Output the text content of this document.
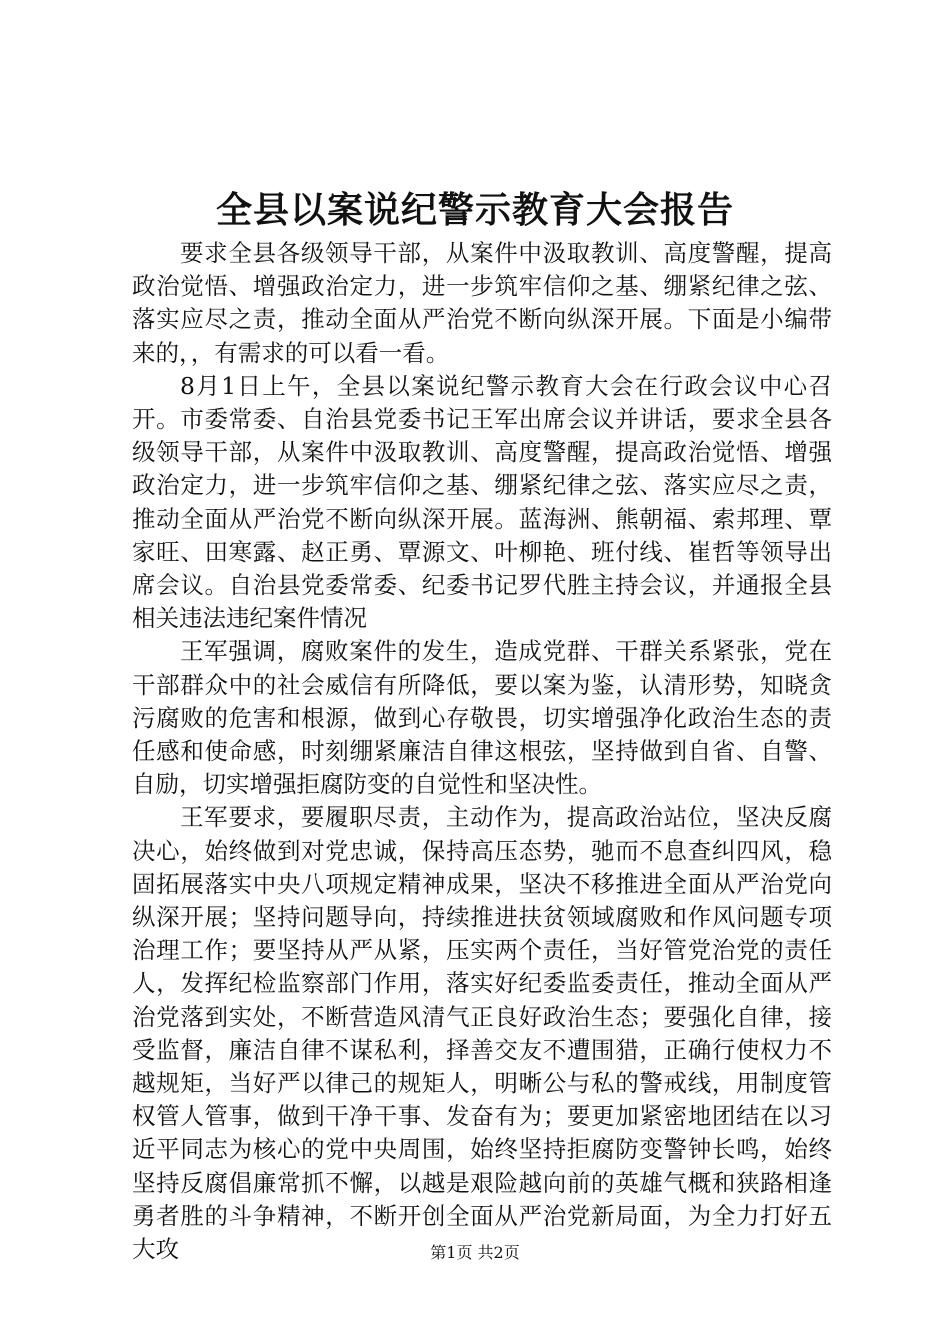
全县以案说纪警示教育大会报告

要求全县各级领导干部，从案件中汲取教训、高度警醒，提高政治觉悟、增强政治定力，进一步筑牢信仰之基、绷紧纪律之弦、落实应尽之责，推动全面从严治党不断向纵深开展。下面是小编带来的，，有需求的可以看一看。

8月1日上午，全县以案说纪警示教育大会在行政会议中心召开。市委常委、自治县党委书记王军出席会议并讲话，要求全县各级领导干部，从案件中汲取教训、高度警醒，提高政治觉悟、增强政治定力，进一步筑牢信仰之基、绷紧纪律之弦、落实应尽之责，推动全面从严治党不断向纵深开展。蓝海洲、熊朝福、索邦理、覃家旺、田寒露、赵正勇、覃源文、叶柳艳、班付线、崔哲等领导出席会议。自治县党委常委、纪委书记罗代胜主持会议，并通报全县相关违法违纪案件情况

王军强调，腐败案件的发生，造成党群、干群关系紧张，党在干部群众中的社会威信有所降低，要以案为鉴，认清形势，知晓贪污腐败的危害和根源，做到心存敬畏，切实增强净化政治生态的责任感和使命感，时刻绷紧廉洁自律这根弦，坚持做到自省、自警、自励，切实增强拒腐防变的自觉性和坚决性。

王军要求，要履职尽责，主动作为，提高政治站位，坚决反腐决心，始终做到对党忠诚，保持高压态势，驰而不息查纠四风，稳固拓展落实中央八项规定精神成果，坚决不移推进全面从严治党向纵深开展；坚持问题导向，持续推进扶贫领域腐败和作风问题专项治理工作；要坚持从严从紧，压实两个责任，当好管党治党的责任人，发挥纪检监察部门作用，落实好纪委监委责任，推动全面从严治党落到实处，不断营造风清气正良好政治生态；要强化自律，接受监督，廉洁自律不谋私利，择善交友不遭围猎，正确行使权力不越规矩，当好严以律己的规矩人，明晰公与私的警戒线，用制度管权管人管事，做到干净干事、发奋有为；要更加紧密地团结在以习近平同志为核心的党中央周围，始终坚持拒腐防变警钟长鸣，始终坚持反腐倡廉常抓不懈，以越是艰险越向前的英雄气概和狭路相逢勇者胜的斗争精神，不断开创全面从严治党新局面，为全力打好五大攻	第1页 共2页
